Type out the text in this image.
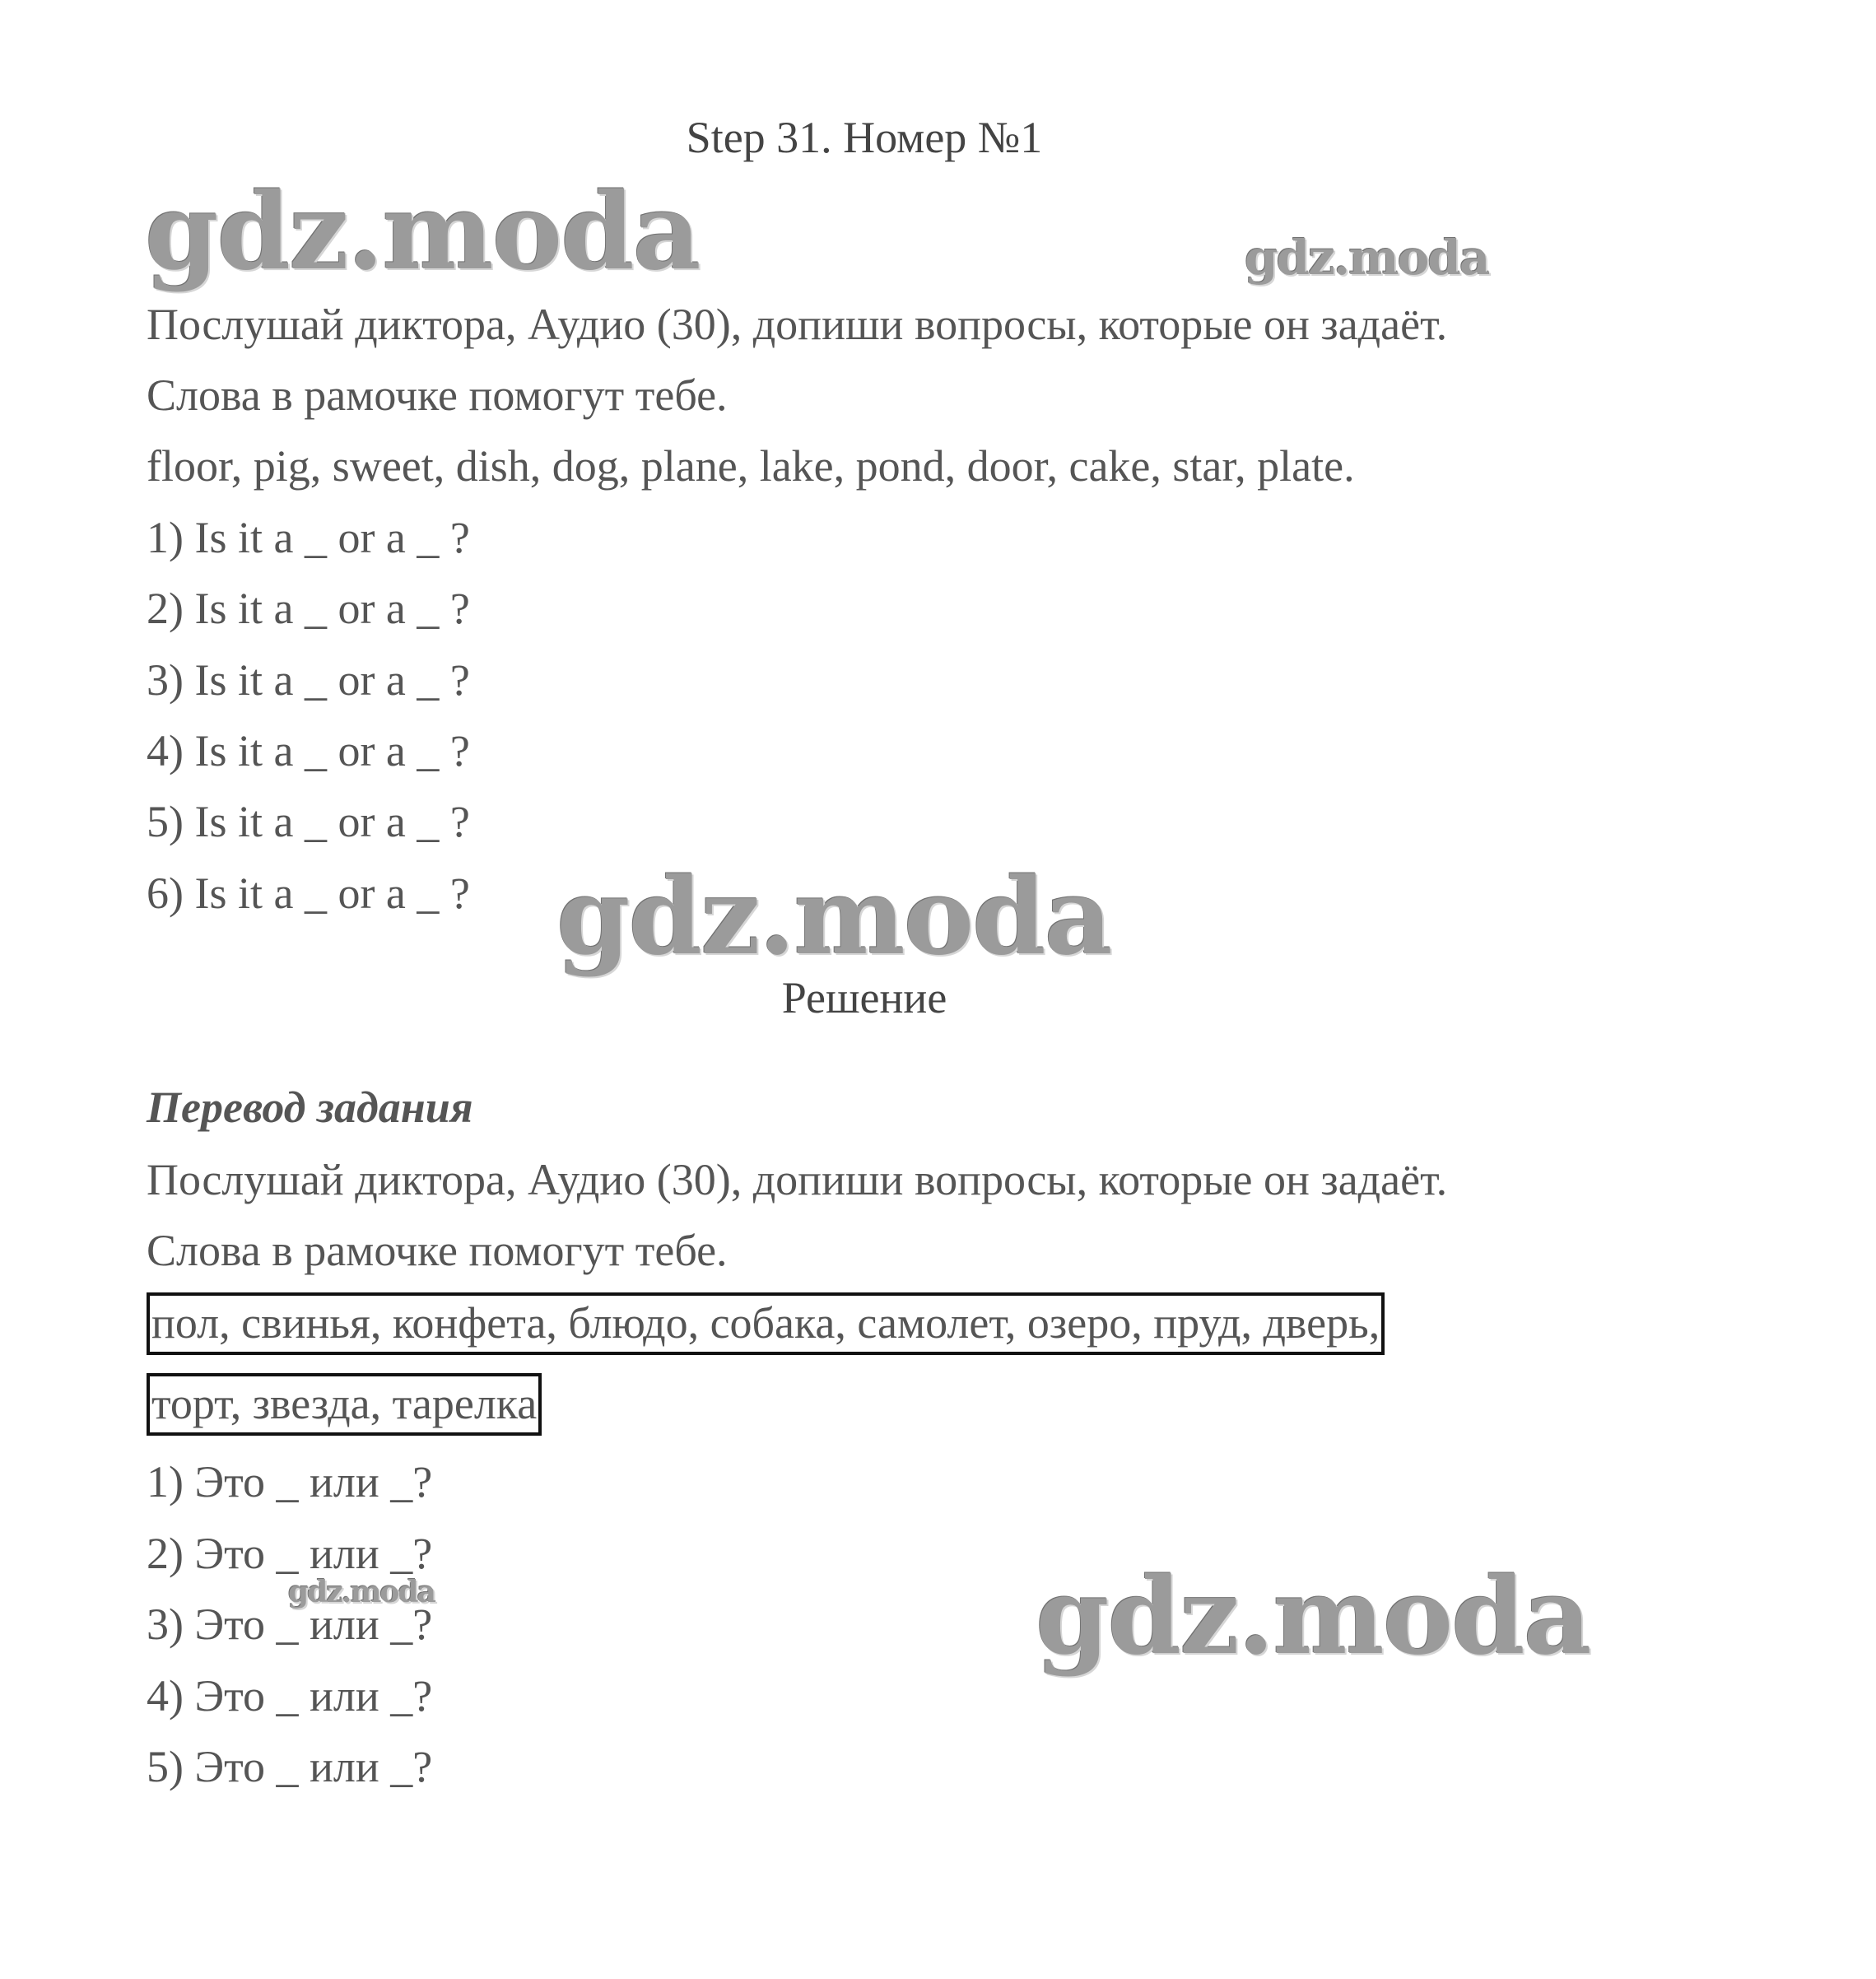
Step 31. Номер №1
gdz.moda	gdz.moda
Послушай диктора, Аудио (30), допиши вопросы, которые он задаёт.
Слова в рамочке помогут тебе.
floor, pig, sweet, dish, dog, plane, lake, pond, door, cake, star, plate.
1) Is it a _ or a _ ?
2) Is it a _ or a _ ?
3) Is it a _ or a _ ?
4) Is it a _ or a _ ?
5) Is it a _ or a _ ?
6) Is it a _ or a _ ? gdz.moda
Решение
Перевод задания
Послушай диктора, Аудио (30), допиши вопросы, которые он задаёт.
Слова в рамочке помогут тебе.
пол, свинья, конфета, блюдо, собака, самолет, озеро, пруд, дверь,
торт, звезда, тарелка
1) Это _ или _?
2) Это _ или _?
3) Это _ или _?
4) Это _ или _?
5) Это _ или _?
gdz.moda	gdz.moda
